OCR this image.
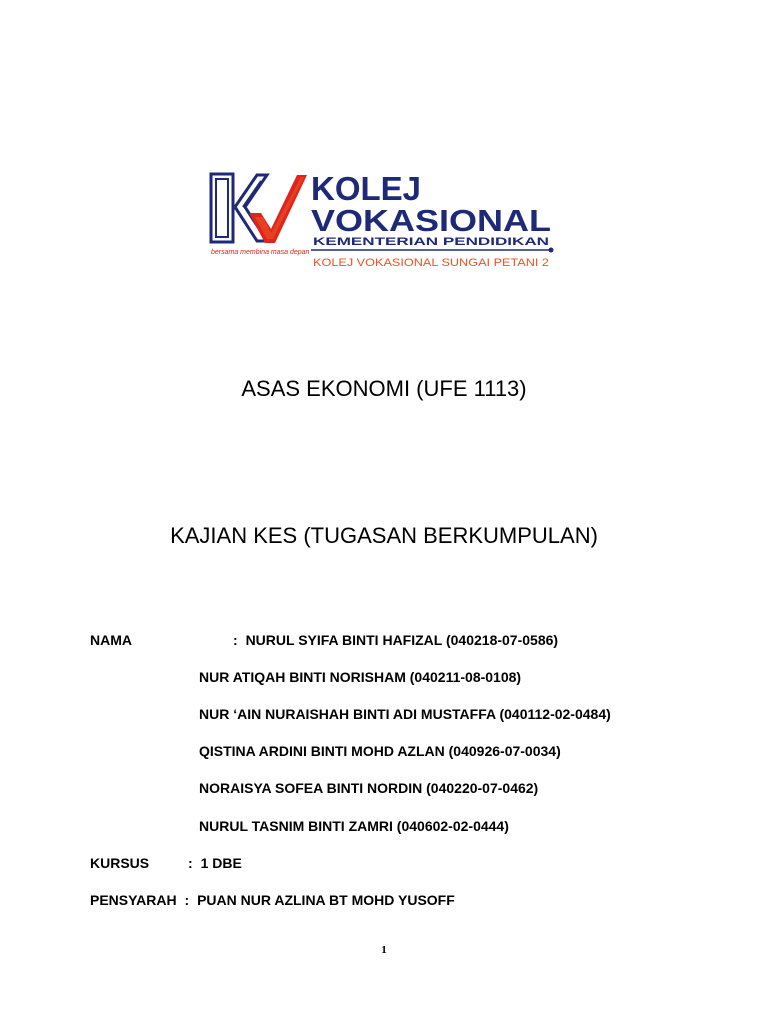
bersama membina masa depan
KOLEJ
VOKASIONAL
KEMENTERIAN PENDIDIKAN
KOLEJ VOKASIONAL SUNGAI PETANI 2
ASAS EKONOMI (UFE 1113)
KAJIAN KES (TUGASAN BERKUMPULAN)
NAMA	: NURUL SYIFA BINTI HAFIZAL (040218-07-0586)
NUR ATIQAH BINTI NORISHAM (040211-08-0108)
NUR ‘AIN NURAISHAH BINTI ADI MUSTAFFA (040112-02-0484)
QISTINA ARDINI BINTI MOHD AZLAN (040926-07-0034)
NORAISYA SOFEA BINTI NORDIN (040220-07-0462)
NURUL TASNIM BINTI ZAMRI (040602-02-0444)
KURSUS	: 1 DBE
PENSYARAH : PUAN NUR AZLINA BT MOHD YUSOFF
1
